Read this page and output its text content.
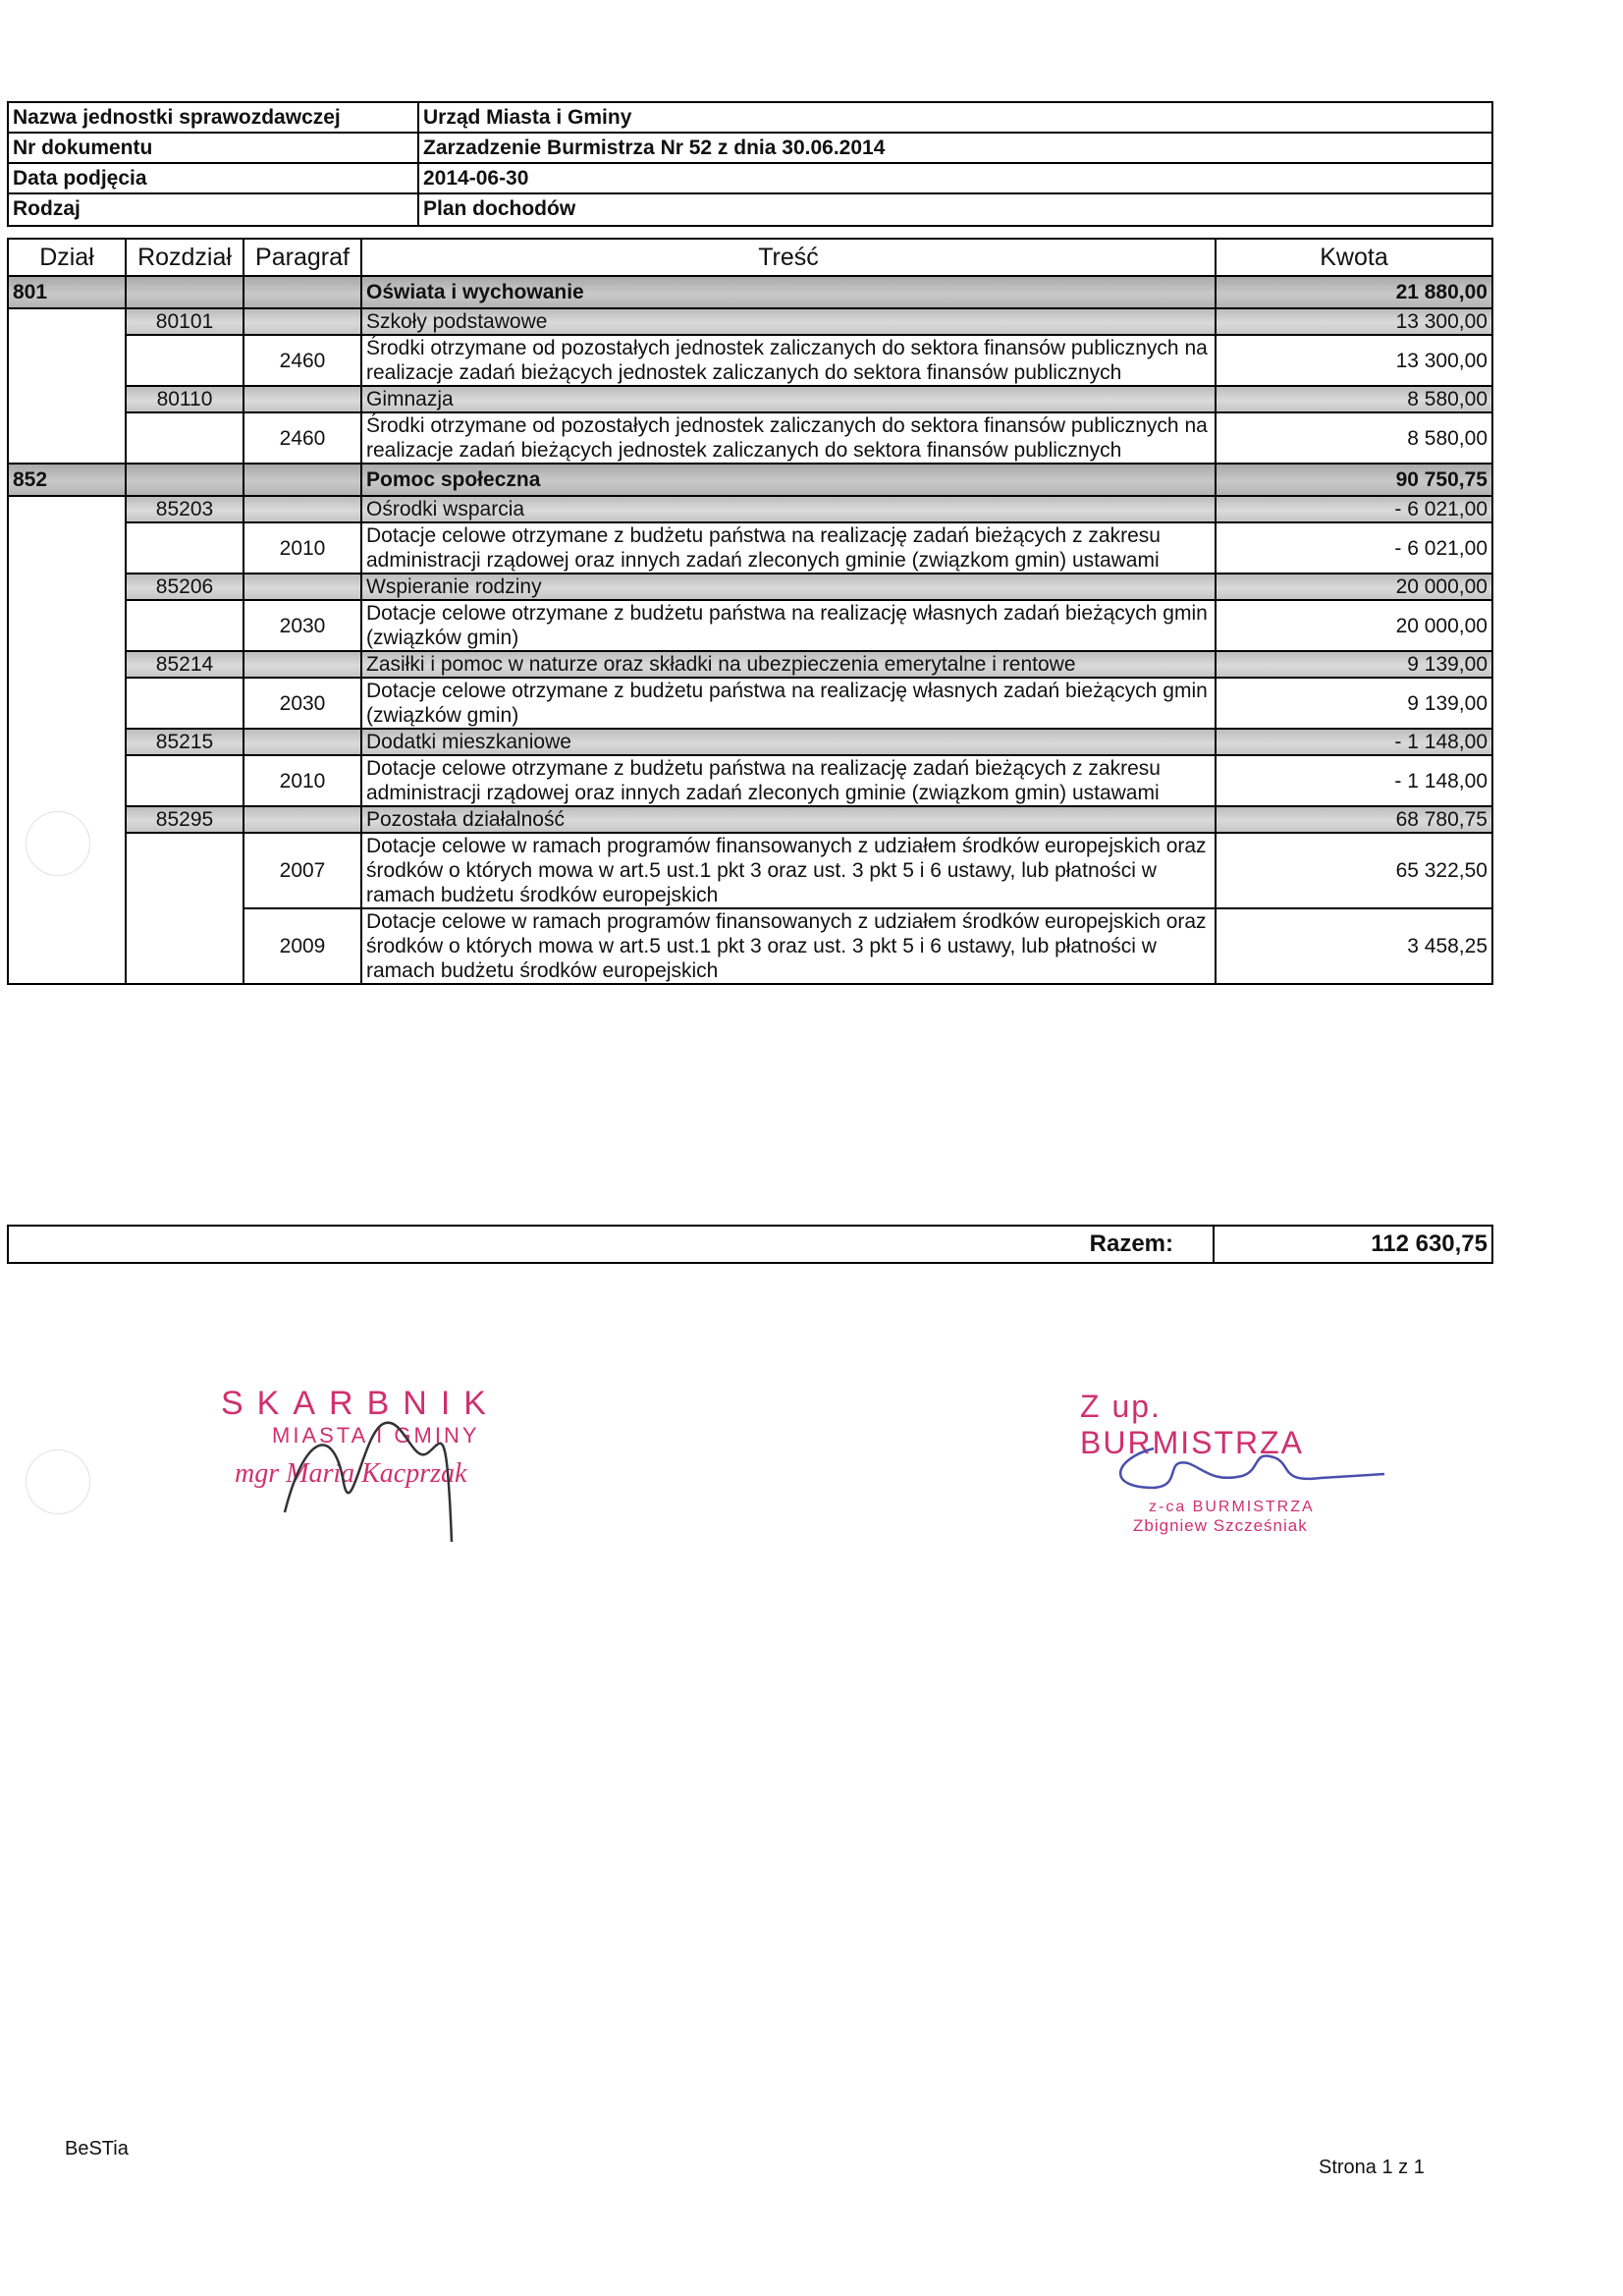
Nazwa jednostki sprawozdawczej	Urząd Miasta i Gminy
Nr dokumentu	Zarzadzenie Burmistrza Nr 52 z dnia 30.06.2014
Data podjęcia	2014-06-30
Rodzaj	Plan dochodów
Dział	Rozdział	Paragraf	Treść	Kwota
801			Oświata i wychowanie	21 880,00
	80101		Szkoły podstawowe	13 300,00
		2460	Środki otrzymane od pozostałych jednostek zaliczanych do sektora finansów publicznych na realizacje zadań bieżących jednostek zaliczanych do sektora finansów publicznych	13 300,00
	80110		Gimnazja	8 580,00
		2460	Środki otrzymane od pozostałych jednostek zaliczanych do sektora finansów publicznych na realizacje zadań bieżących jednostek zaliczanych do sektora finansów publicznych	8 580,00
852			Pomoc społeczna	90 750,75
	85203		Ośrodki wsparcia	- 6 021,00
		2010	Dotacje celowe otrzymane z budżetu państwa na realizację zadań bieżących z zakresu administracji rządowej oraz innych zadań zleconych gminie (związkom gmin) ustawami	- 6 021,00
	85206		Wspieranie rodziny	20 000,00
		2030	Dotacje celowe otrzymane z budżetu państwa na realizację własnych zadań bieżących gmin (związków gmin)	20 000,00
	85214		Zasiłki i pomoc w naturze oraz składki na ubezpieczenia emerytalne i rentowe	9 139,00
		2030	Dotacje celowe otrzymane z budżetu państwa na realizację własnych zadań bieżących gmin (związków gmin)	9 139,00
	85215		Dodatki mieszkaniowe	- 1 148,00
		2010	Dotacje celowe otrzymane z budżetu państwa na realizację zadań bieżących z zakresu administracji rządowej oraz innych zadań zleconych gminie (związkom gmin) ustawami	- 1 148,00
	85295		Pozostała działalność	68 780,75
		2007	Dotacje celowe w ramach programów finansowanych z udziałem środków europejskich oraz środków o których mowa w art.5 ust.1 pkt 3 oraz ust. 3 pkt 5 i 6 ustawy, lub płatności w ramach budżetu środków europejskich	65 322,50
		2009	Dotacje celowe w ramach programów finansowanych z udziałem środków europejskich oraz środków o których mowa w art.5 ust.1 pkt 3 oraz ust. 3 pkt 5 i 6 ustawy, lub płatności w ramach budżetu środków europejskich	3 458,25
Razem:	112 630,75
SKARBNIK
MIASTA I GMINY
mgr Maria Kacprzak
Z up. BURMISTRZA
z-ca BURMISTRZA
Zbigniew Szcześniak
BeSTia
Strona 1 z 1
